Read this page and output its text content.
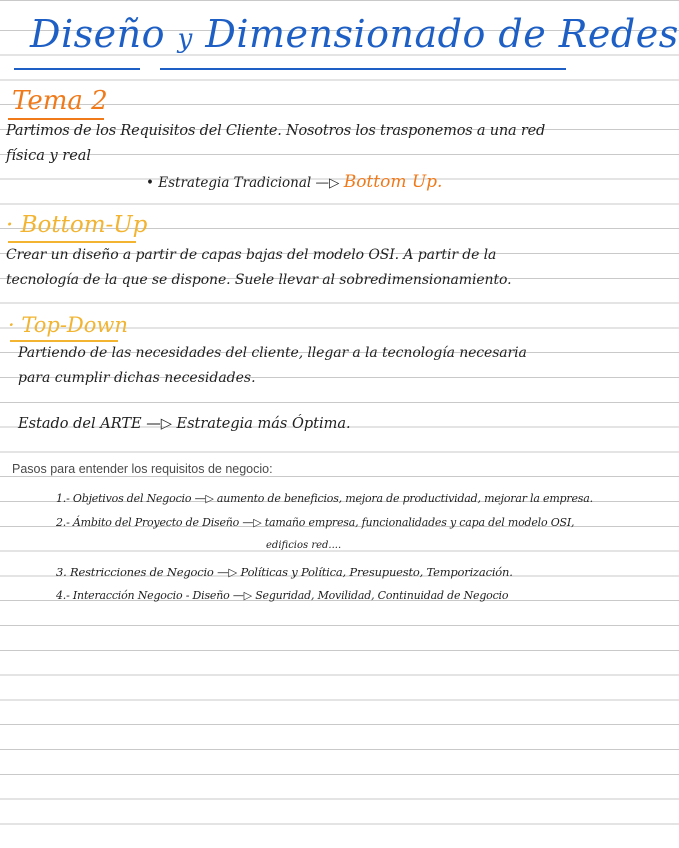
Diseño y Dimensionado de Redes
Tema 2
Partimos de los Requisitos del Cliente. Nosotros los trasponemos a una red
física y real
• Estrategia Tradicional —▷ Bottom Up.
· Bottom-Up
Crear un diseño a partir de capas bajas del modelo OSI. A partir de la
tecnología de la que se dispone. Suele llevar al sobredimensionamiento.
· Top-Down
Partiendo de las necesidades del cliente, llegar a la tecnología necesaria
para cumplir dichas necesidades.
Estado del ARTE —▷ Estrategia más Óptima.
Pasos para entender los requisitos de negocio:
1.- Objetivos del Negocio —▷ aumento de beneficios, mejora de productividad, mejorar la empresa.
2.- Ámbito del Proyecto de Diseño —▷ tamaño empresa, funcionalidades y capa del modelo OSI,
edificios red....
3. Restricciones de Negocio —▷ Políticas y Política, Presupuesto, Temporización.
4.- Interacción Negocio - Diseño —▷ Seguridad, Movilidad, Continuidad de Negocio
